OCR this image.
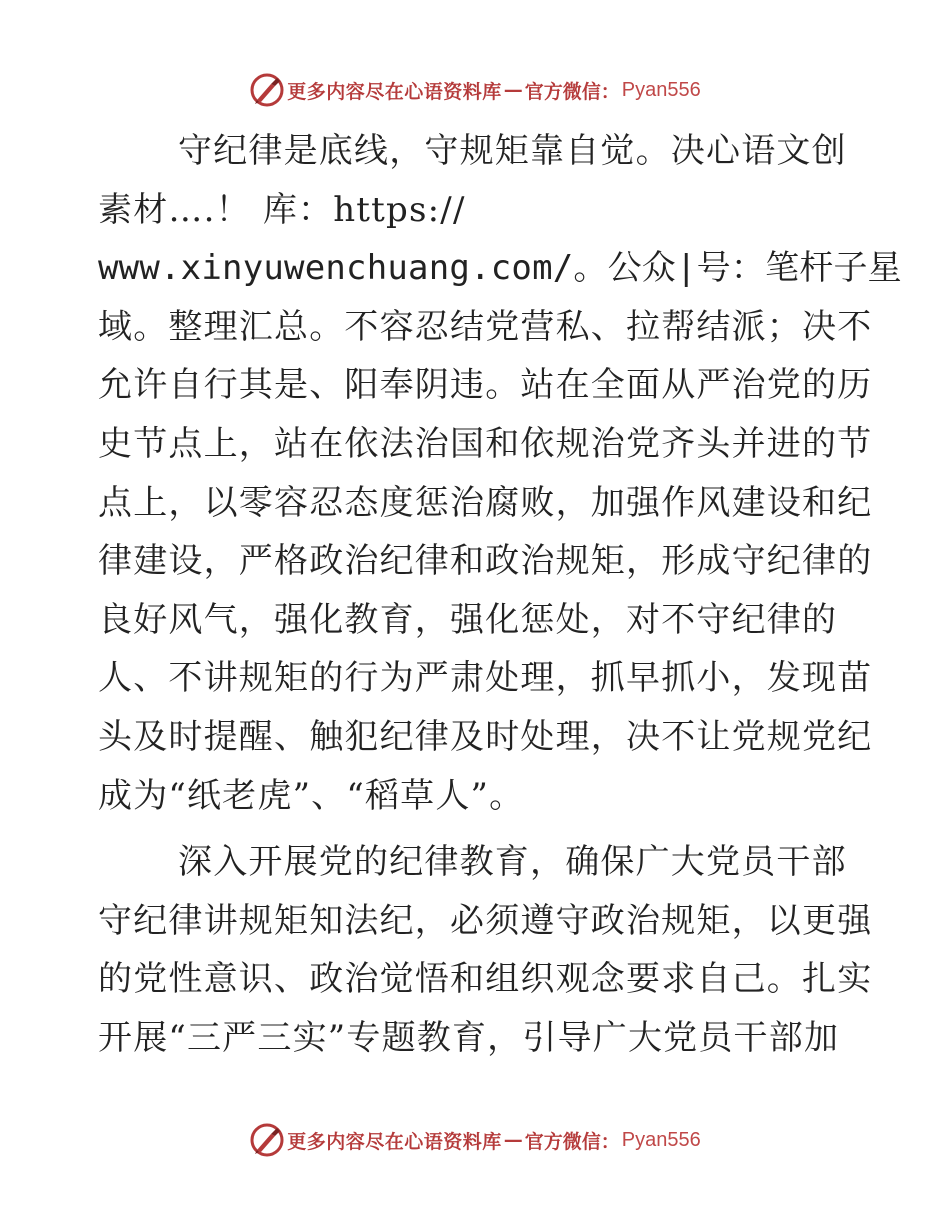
更多内容尽在心语资料库 — 官方微信： Pyan556
守纪律是底线，守规矩靠自觉。决心语文创
素材….！ 库：https://
www.xinyuwenchuang.com/。公众|号：笔杆子星
域。整理汇总。不容忍结党营私、拉帮结派；决不
允许自行其是、阳奉阴违。站在全面从严治党的历
史节点上，站在依法治国和依规治党齐头并进的节
点上，以零容忍态度惩治腐败，加强作风建设和纪
律建设，严格政治纪律和政治规矩，形成守纪律的
良好风气，强化教育，强化惩处，对不守纪律的
人、不讲规矩的行为严肃处理，抓早抓小，发现苗
头及时提醒、触犯纪律及时处理，决不让党规党纪
成为“纸老虎”、“稻草人”。
深入开展党的纪律教育，确保广大党员干部
守纪律讲规矩知法纪，必须遵守政治规矩，以更强
的党性意识、政治觉悟和组织观念要求自己。扎实
开展“三严三实”专题教育，引导广大党员干部加
更多内容尽在心语资料库 — 官方微信： Pyan556
